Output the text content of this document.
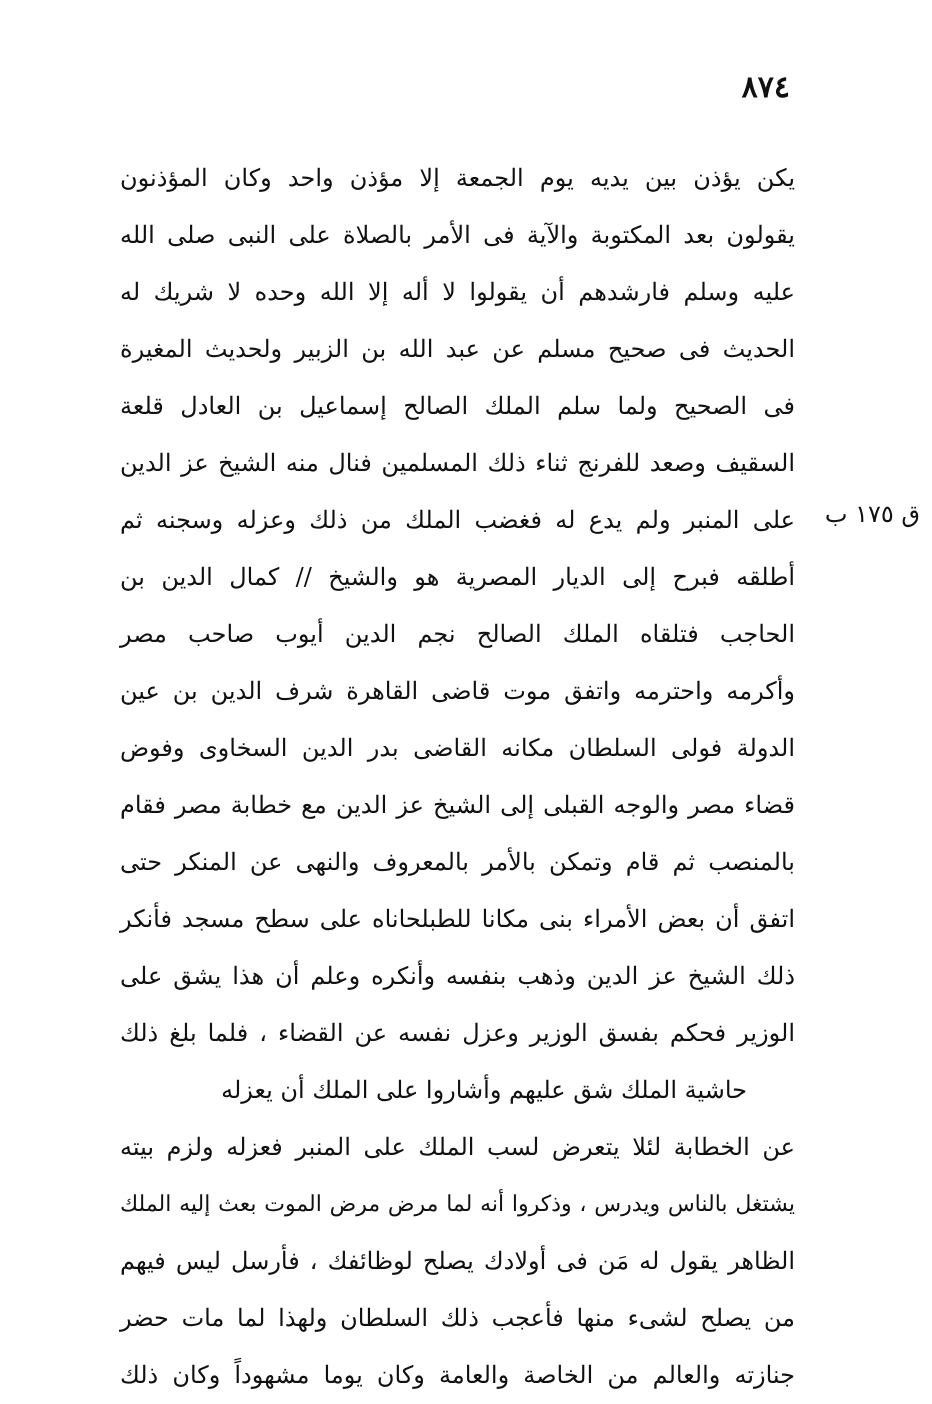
٨٧٤
ق ١٧٥ ب
يكن يؤذن بين يديه يوم الجمعة إلا مؤذن واحد وكان المؤذنون
يقولون بعد المكتوبة والآية فى الأمر بالصلاة على النبى صلى الله
عليه وسلم فارشدهم أن يقولوا لا أله إلا الله وحده لا شريك له
الحديث فى صحيح مسلم عن عبد الله بن الزبير ولحديث المغيرة
فى الصحيح ولما سلم الملك الصالح إسماعيل بن العادل قلعة
السقيف وصعد للفرنج ثناء ذلك المسلمين فنال منه الشيخ عز الدين
على المنبر ولم يدع له فغضب الملك من ذلك وعزله وسجنه ثم
أطلقه فبرح إلى الديار المصرية هو والشيخ // كمال الدين بن
الحاجب فتلقاه الملك الصالح نجم الدين أيوب صاحب مصر
وأكرمه واحترمه واتفق موت قاضى القاهرة شرف الدين بن عين
الدولة فولى السلطان مكانه القاضى بدر الدين السخاوى وفوض
قضاء مصر والوجه القبلى إلى الشيخ عز الدين مع خطابة مصر فقام
بالمنصب ثم قام وتمكن بالأمر بالمعروف والنهى عن المنكر حتى
اتفق أن بعض الأمراء بنى مكانا للطبلحاناه على سطح مسجد فأنكر
ذلك الشيخ عز الدين وذهب بنفسه وأنكره وعلم أن هذا يشق على
الوزير فحكم بفسق الوزير وعزل نفسه عن القضاء ، فلما بلغ ذلك
حاشية الملك شق عليهم وأشاروا على الملك أن يعزله
عن الخطابة لئلا يتعرض لسب الملك على المنبر فعزله ولزم بيته
يشتغل بالناس ويدرس ، وذكروا أنه لما مرض مرض الموت بعث إليه الملك
الظاهر يقول له مَن فى أولادك يصلح لوظائفك ، فأرسل ليس فيهم
من يصلح لشىء منها فأعجب ذلك السلطان ولهذا لما مات حضر
جنازته والعالم من الخاصة والعامة وكان يوما مشهوداً وكان ذلك
